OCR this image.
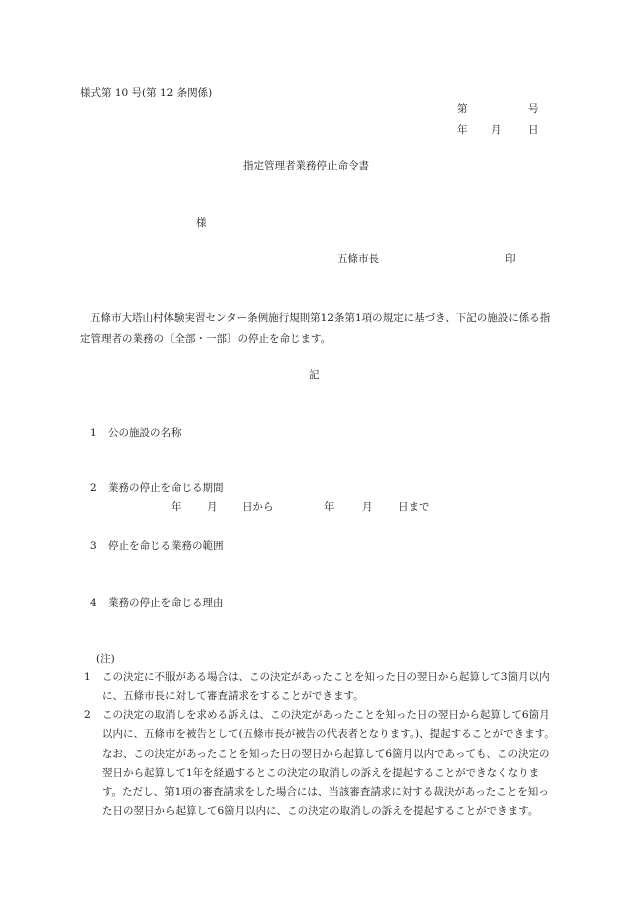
様式第 10 号(第 12 条関係)
第	号
年 月	日
指定管理者業務停止命令書
様
五條市長	印

五條市大塔山村体験実習センター条例施行規則第12条第1項の規定に基づき、下記の施設に係る指定管理者の業務の〔全部・一部〕の停止を命じます。

記
1 公の施設の名称
2 業務の停止を命じる期間
年 月 日から	年	月 日まで
3 停止を命じる業務の範囲
4 業務の停止を命じる理由
(注)
1 この決定に不服がある場合は、この決定があったことを知った日の翌日から起算して3箇月以内に、五條市長に対して審査請求をすることができます。

2 この決定の取消しを求める訴えは、この決定があったことを知った日の翌日から起算して6箇月以内に、五條市を被告として(五條市長が被告の代表者となります。)、提起することができます。なお、この決定があったことを知った日の翌日から起算して6箇月以内であっても、この決定の翌日から起算して1年を経過するとこの決定の取消しの訴えを提起することができなくなります。ただし、第1項の審査請求をした場合には、当該審査請求に対する裁決があったことを知った日の翌日から起算して6箇月以内に、この決定の取消しの訴えを提起することができます。
